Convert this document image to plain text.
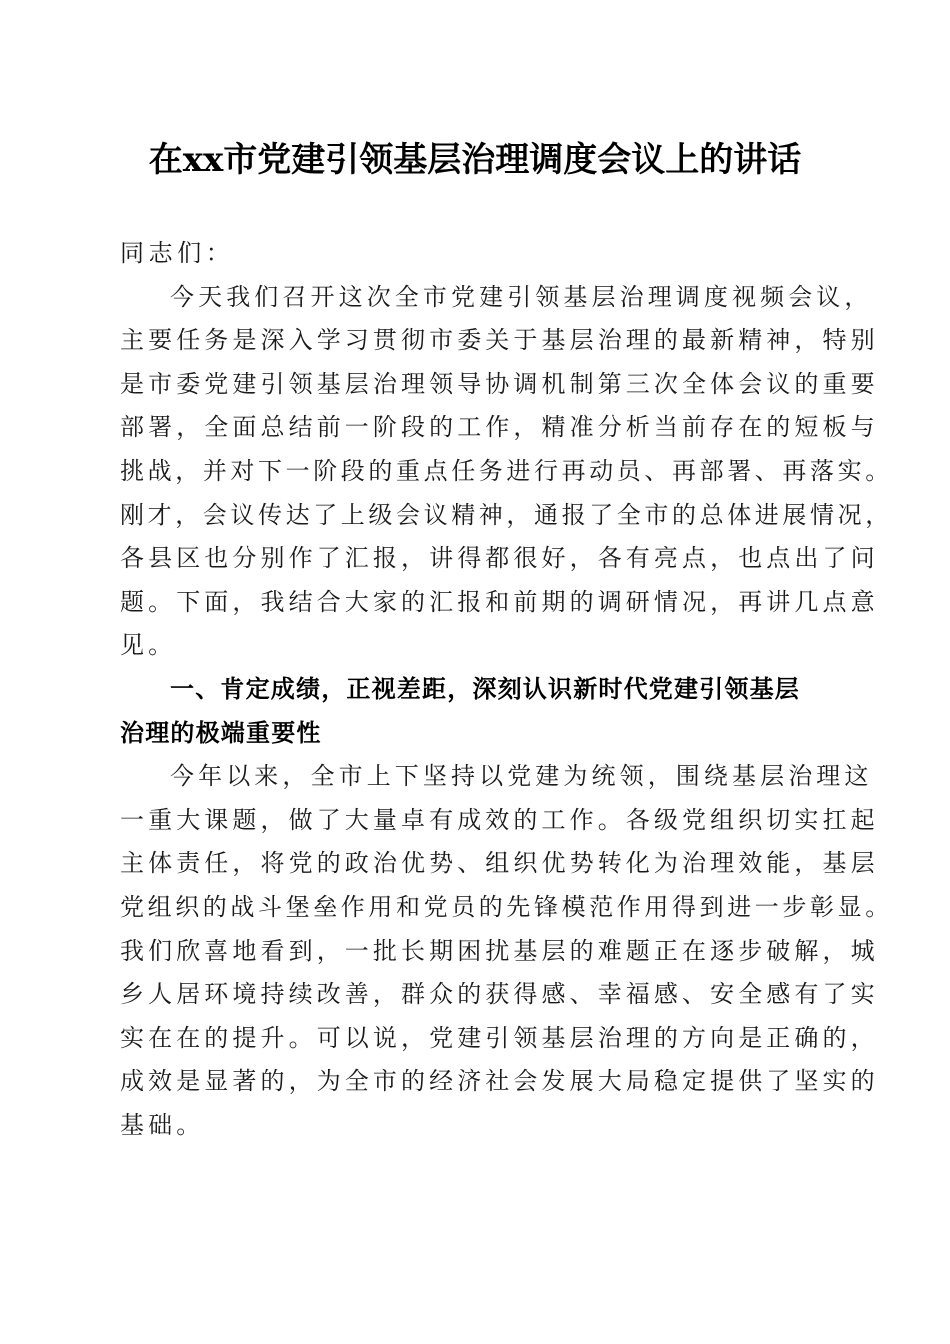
在xx市党建引领基层治理调度会议上的讲话
同志们：
今天我们召开这次全市党建引领基层治理调度视频会议，
主要任务是深入学习贯彻市委关于基层治理的最新精神，特别
是市委党建引领基层治理领导协调机制第三次全体会议的重要
部署，全面总结前一阶段的工作，精准分析当前存在的短板与
挑战，并对下一阶段的重点任务进行再动员、再部署、再落实。
刚才，会议传达了上级会议精神，通报了全市的总体进展情况，
各县区也分别作了汇报，讲得都很好，各有亮点，也点出了问
题。下面，我结合大家的汇报和前期的调研情况，再讲几点意
见。
一、肯定成绩，正视差距，深刻认识新时代党建引领基层
治理的极端重要性
今年以来，全市上下坚持以党建为统领，围绕基层治理这
一重大课题，做了大量卓有成效的工作。各级党组织切实扛起
主体责任，将党的政治优势、组织优势转化为治理效能，基层
党组织的战斗堡垒作用和党员的先锋模范作用得到进一步彰显。
我们欣喜地看到，一批长期困扰基层的难题正在逐步破解，城
乡人居环境持续改善，群众的获得感、幸福感、安全感有了实
实在在的提升。可以说，党建引领基层治理的方向是正确的，
成效是显著的，为全市的经济社会发展大局稳定提供了坚实的
基础。
